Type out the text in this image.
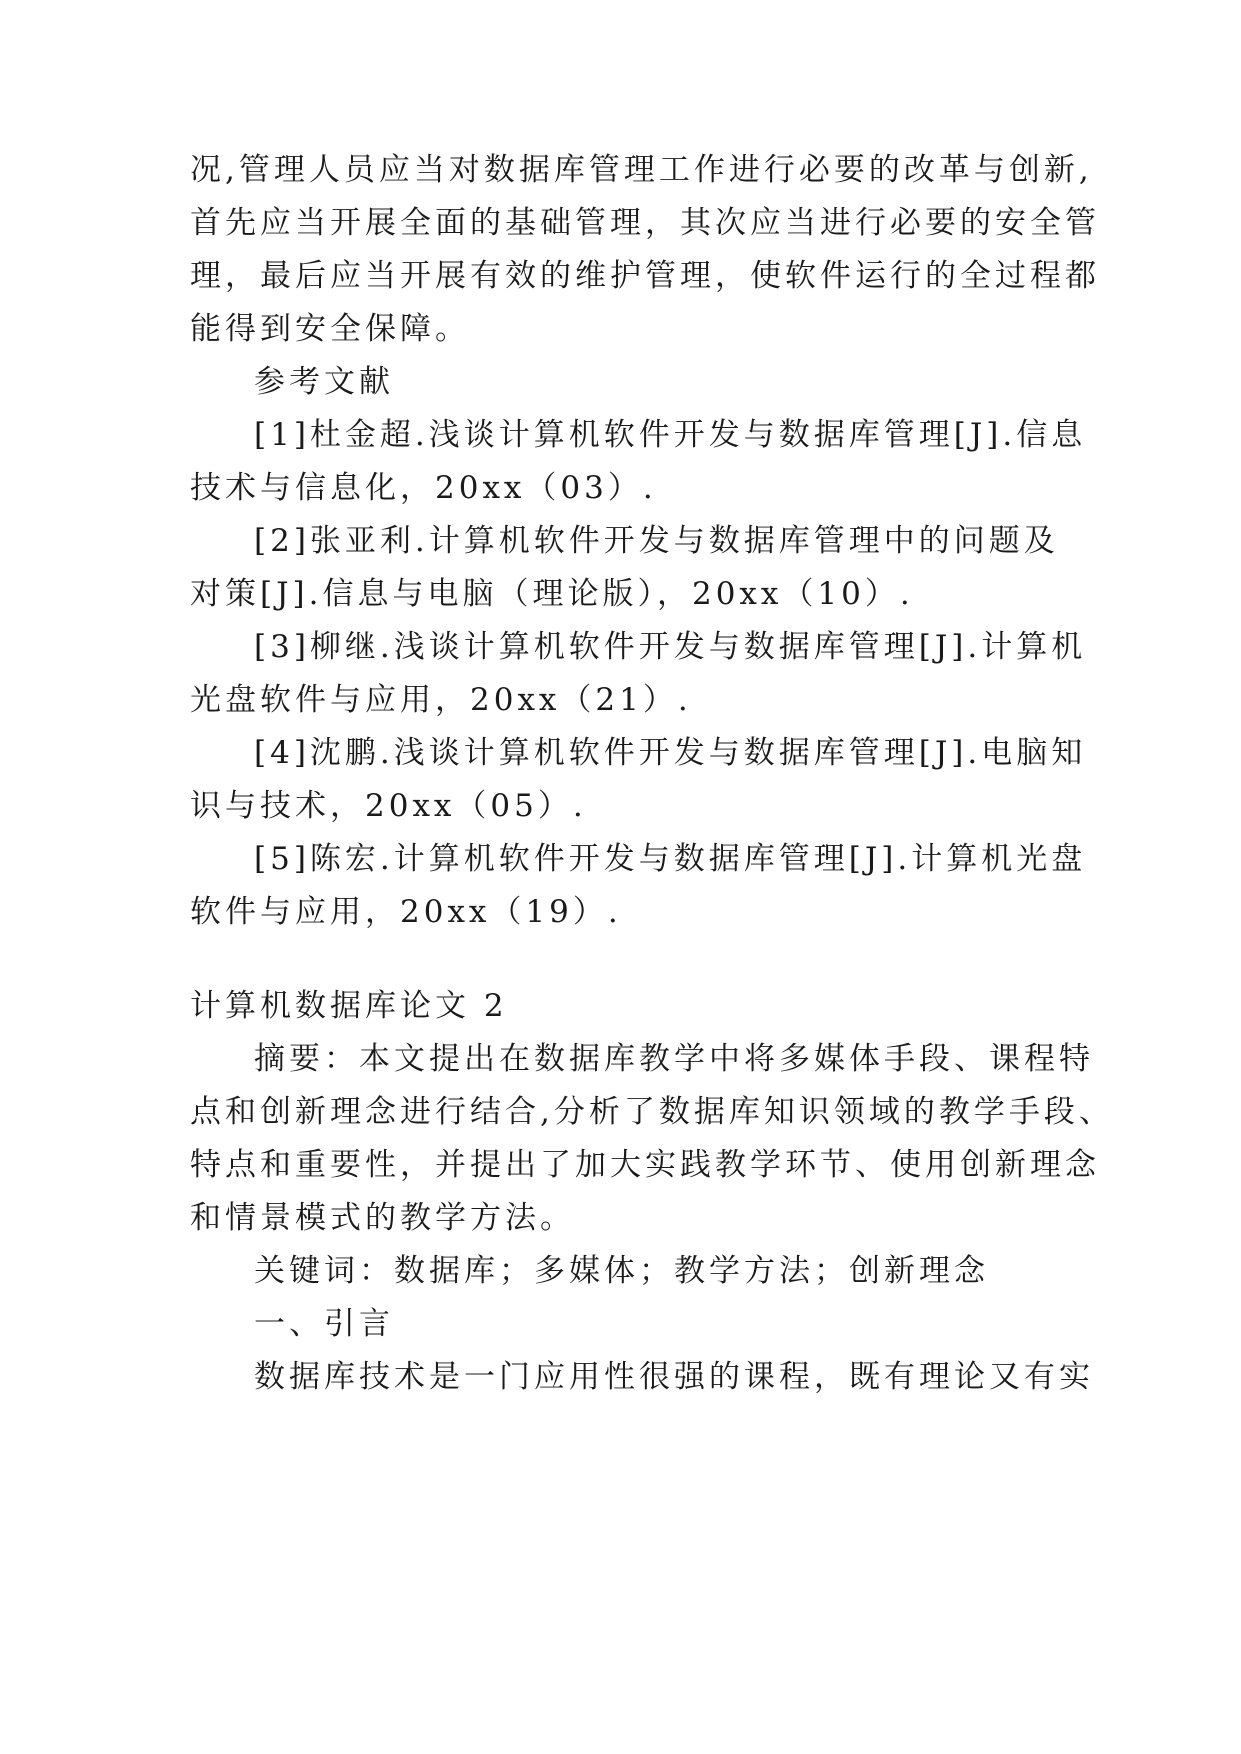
况,管理人员应当对数据库管理工作进行必要的改革与创新,
首先应当开展全面的基础管理，其次应当进行必要的安全管
理，最后应当开展有效的维护管理，使软件运行的全过程都
能得到安全保障。
参考文献
[1]杜金超.浅谈计算机软件开发与数据库管理[J].信息
技术与信息化，20xx（03）.
[2]张亚利.计算机软件开发与数据库管理中的问题及
对策[J].信息与电脑（理论版），20xx（10）.
[3]柳继.浅谈计算机软件开发与数据库管理[J].计算机
光盘软件与应用，20xx（21）.
[4]沈鹏.浅谈计算机软件开发与数据库管理[J].电脑知
识与技术，20xx（05）.
[5]陈宏.计算机软件开发与数据库管理[J].计算机光盘
软件与应用，20xx（19）.
计算机数据库论文 2
摘要：本文提出在数据库教学中将多媒体手段、课程特
点和创新理念进行结合,分析了数据库知识领域的教学手段、
特点和重要性，并提出了加大实践教学环节、使用创新理念
和情景模式的教学方法。
关键词：数据库；多媒体；教学方法；创新理念
一、引言
数据库技术是一门应用性很强的课程，既有理论又有实
